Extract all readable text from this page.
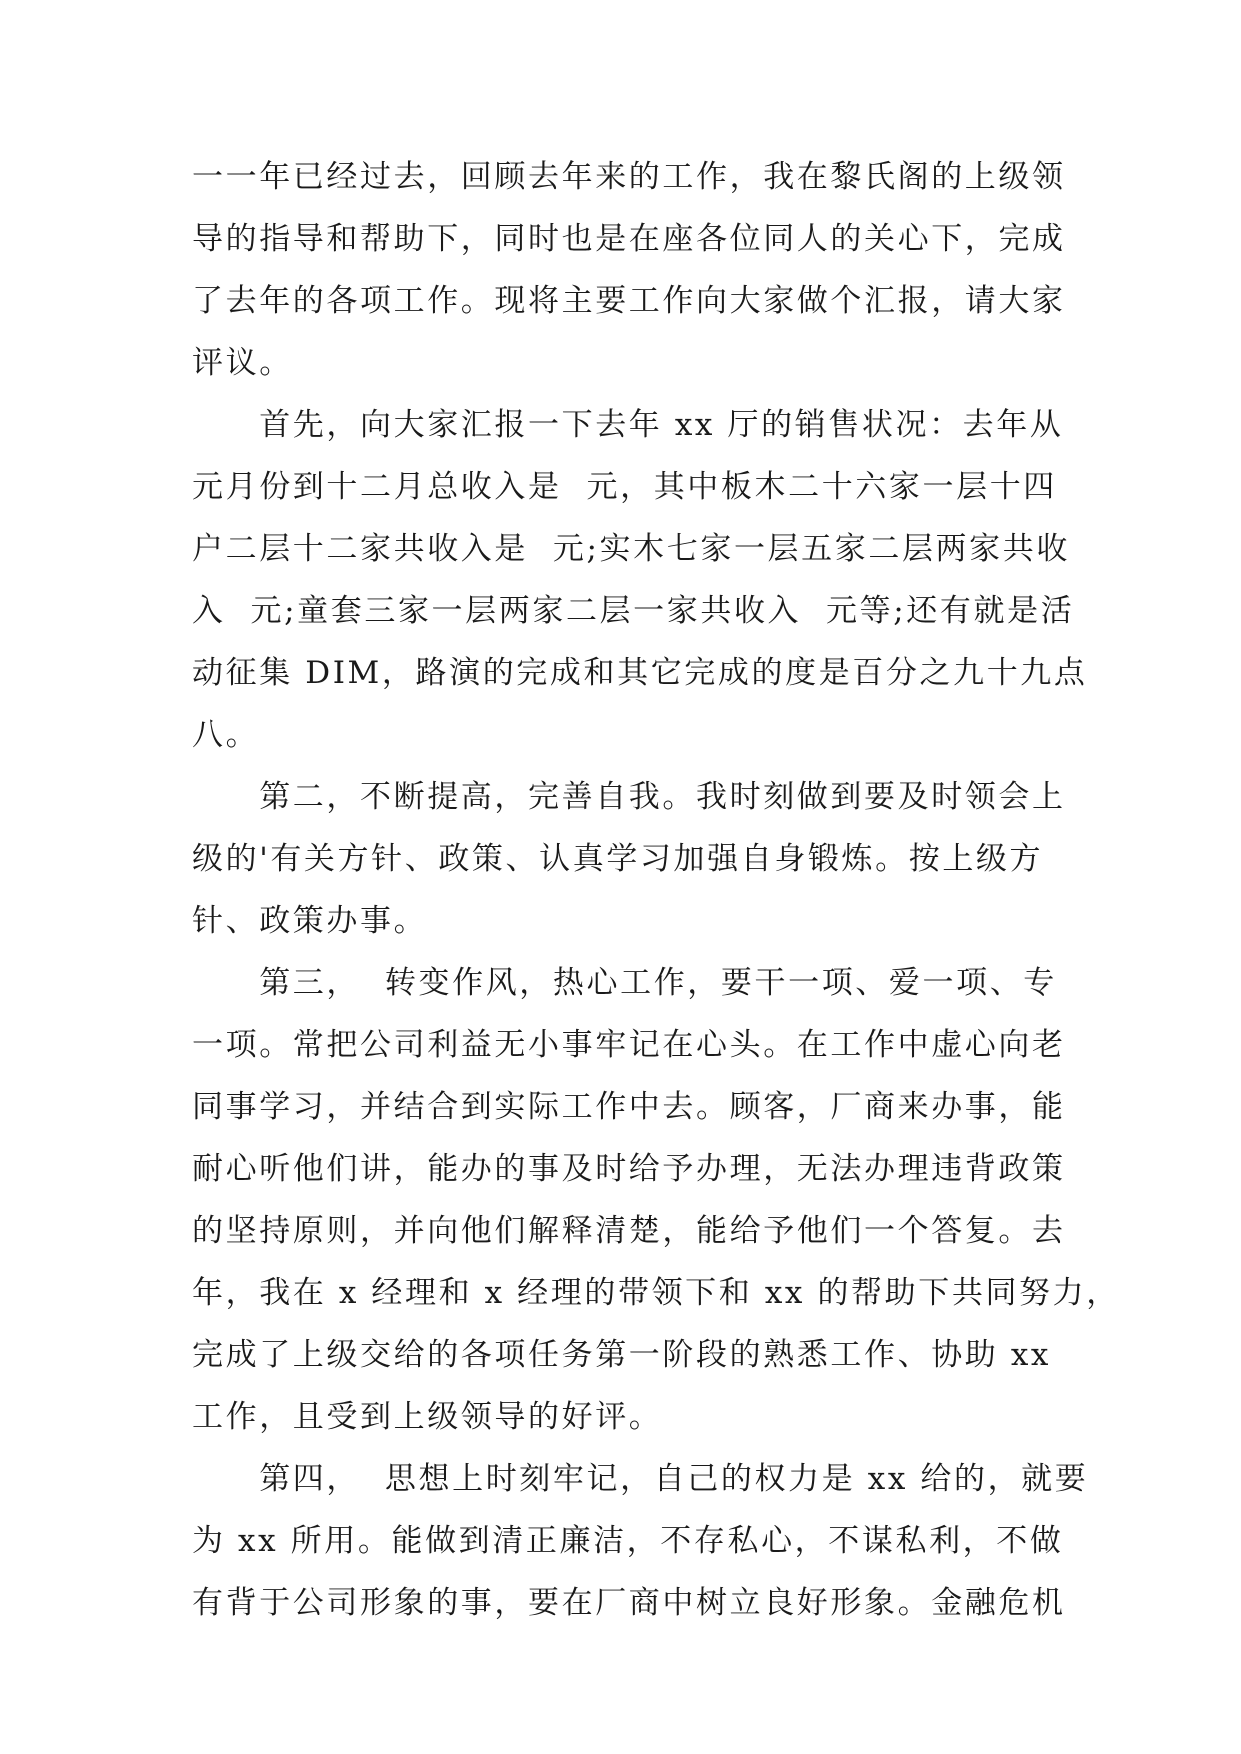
一一年已经过去，回顾去年来的工作，我在黎氏阁的上级领
导的指导和帮助下，同时也是在座各位同人的关心下，完成
了去年的各项工作。现将主要工作向大家做个汇报，请大家
评议。
　　首先，向大家汇报一下去年 xx 厅的销售状况：去年从
元月份到十二月总收入是  元，其中板木二十六家一层十四
户二层十二家共收入是  元;实木七家一层五家二层两家共收
入  元;童套三家一层两家二层一家共收入  元等;还有就是活
动征集 DIM，路演的完成和其它完成的度是百分之九十九点
八。
　　第二，不断提高，完善自我。我时刻做到要及时领会上
级的'有关方针、政策、认真学习加强自身锻炼。按上级方
针、政策办事。
　　第三，  转变作风，热心工作，要干一项、爱一项、专
一项。常把公司利益无小事牢记在心头。在工作中虚心向老
同事学习，并结合到实际工作中去。顾客，厂商来办事，能
耐心听他们讲，能办的事及时给予办理，无法办理违背政策
的坚持原则，并向他们解释清楚，能给予他们一个答复。去
年，我在 x 经理和 x 经理的带领下和 xx 的帮助下共同努力，
完成了上级交给的各项任务第一阶段的熟悉工作、协助 xx
工作，且受到上级领导的好评。
　　第四，  思想上时刻牢记，自己的权力是 xx 给的，就要
为 xx 所用。能做到清正廉洁，不存私心，不谋私利，不做
有背于公司形象的事，要在厂商中树立良好形象。金融危机
